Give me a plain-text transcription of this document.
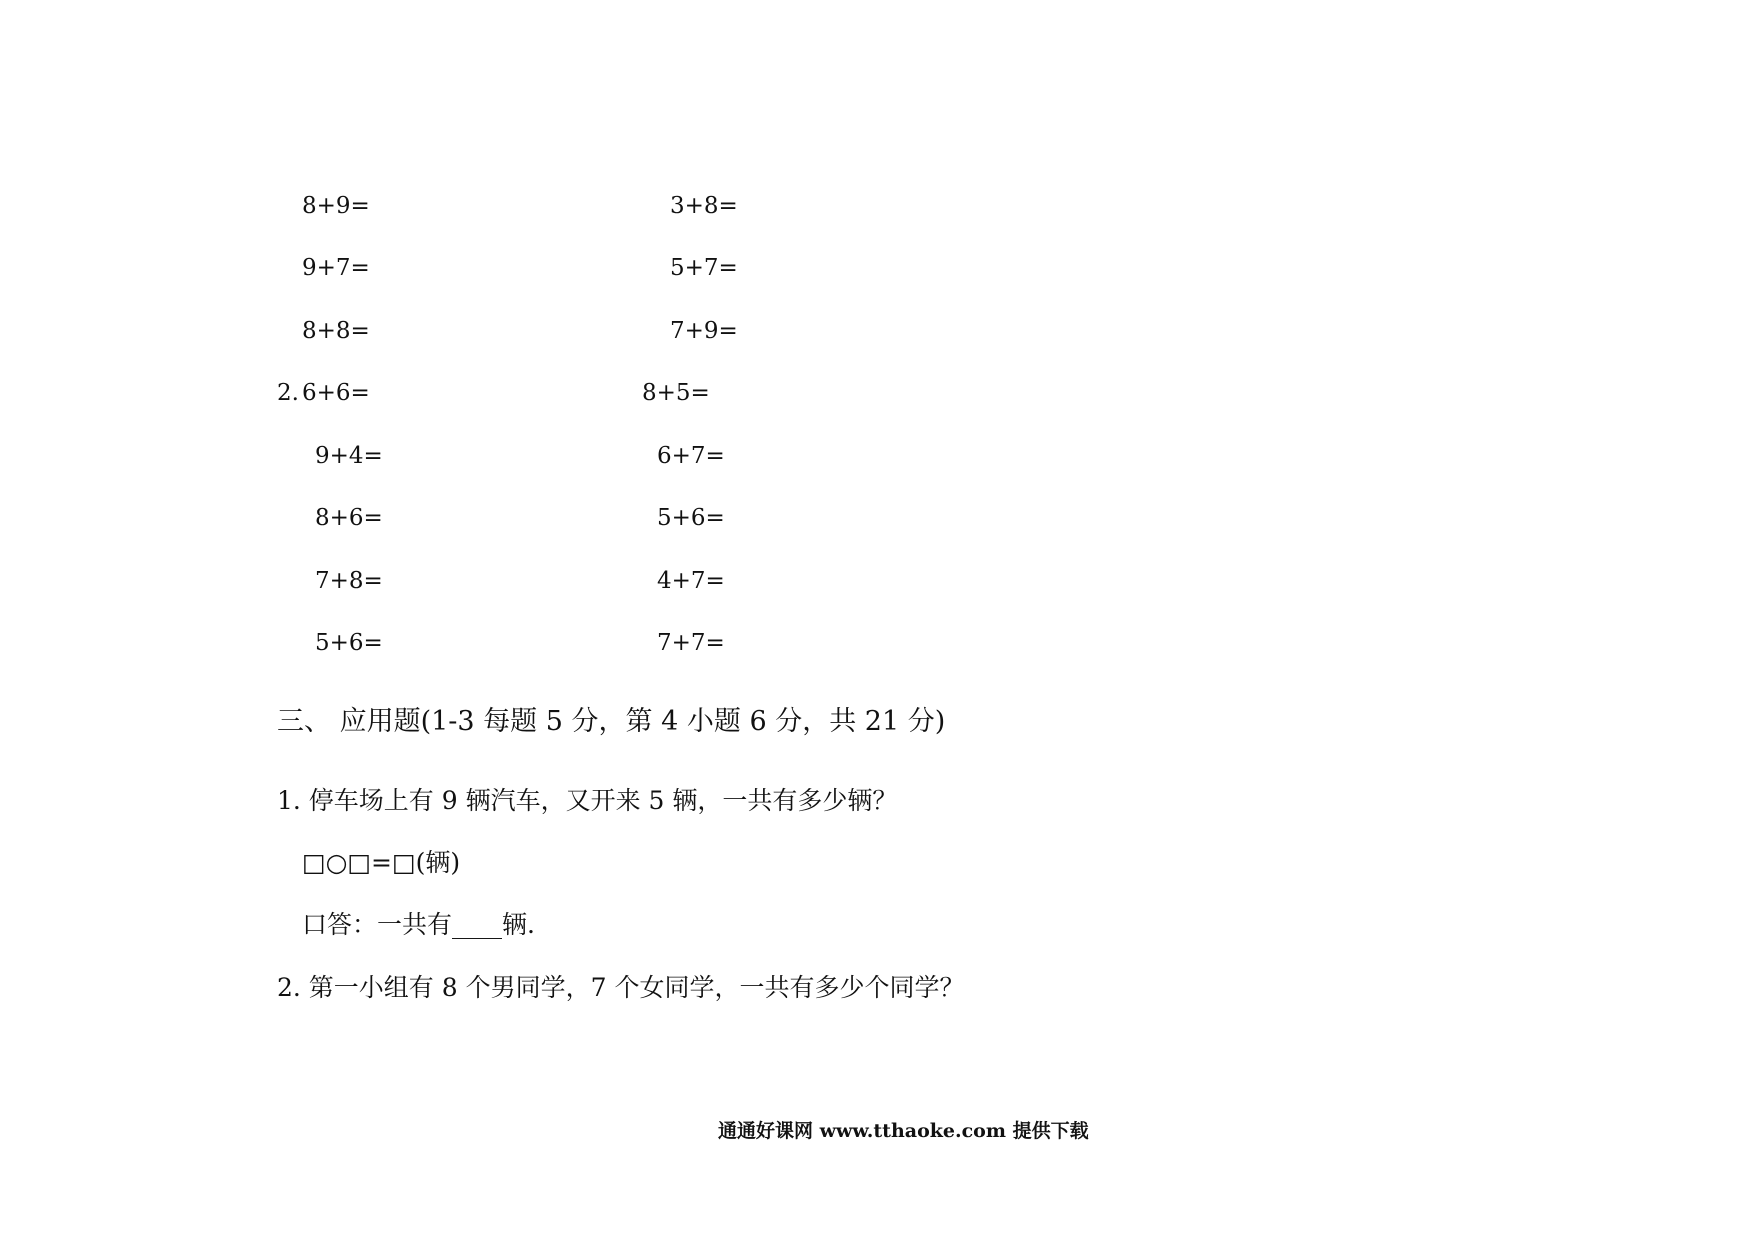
8+9=	3+8=
9+7=	5+7=
8+8=	7+9=
2. 6+6=	8+5=
9+4=	6+7=
8+6=	5+6=
7+8=	4+7=
5+6=	7+7=
三、 应用题(1-3 每题 5 分，第 4 小题 6 分，共 21 分)
1. 停车场上有 9 辆汽车，又开来 5 辆，一共有多少辆？
□○□=□(辆)
口答：一共有____辆.
2. 第一小组有 8 个男同学，7 个女同学，一共有多少个同学？
通通好课网 www.tthaoke.com 提供下载
